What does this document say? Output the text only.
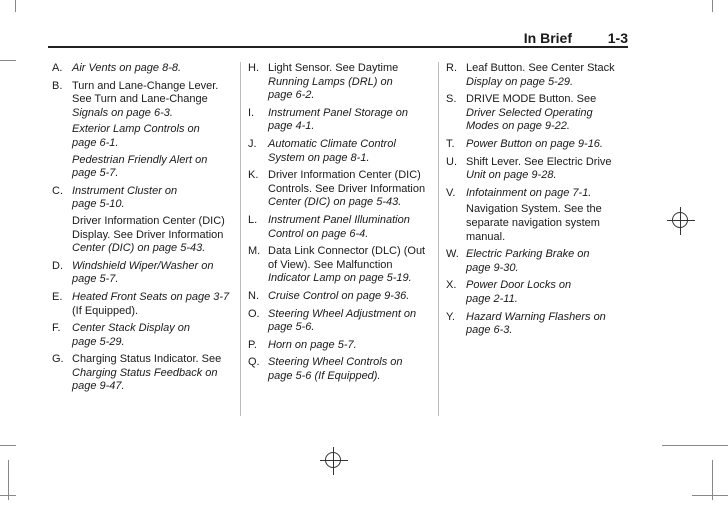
In Brief	1-3
A. Air Vents on page 8-8.
B. Turn and Lane-Change Lever.
See Turn and Lane-Change
Signals on page 6-3.
Exterior Lamp Controls on
page 6-1.
Pedestrian Friendly Alert on
page 5-7.
C. Instrument Cluster on
page 5-10.
Driver Information Center (DIC)
Display. See Driver Information
Center (DIC) on page 5-43.
D. Windshield Wiper/Washer on
page 5-7.
E. Heated Front Seats on page 3-7
(If Equipped).
F. Center Stack Display on
page 5-29.
G. Charging Status Indicator. See
Charging Status Feedback on
page 9-47.
H. Light Sensor. See Daytime
Running Lamps (DRL) on
page 6-2.
I. Instrument Panel Storage on
page 4-1.
J. Automatic Climate Control
System on page 8-1.
K. Driver Information Center (DIC)
Controls. See Driver Information
Center (DIC) on page 5-43.
L. Instrument Panel Illumination
Control on page 6-4.
M. Data Link Connector (DLC) (Out
of View). See Malfunction
Indicator Lamp on page 5-19.
N. Cruise Control on page 9-36.
O. Steering Wheel Adjustment on
page 5-6.
P. Horn on page 5-7.
Q. Steering Wheel Controls on
page 5-6 (If Equipped).
R. Leaf Button. See Center Stack
Display on page 5-29.
S. DRIVE MODE Button. See
Driver Selected Operating
Modes on page 9-22.
T. Power Button on page 9-16.
U. Shift Lever. See Electric Drive
Unit on page 9-28.
V. Infotainment on page 7-1.
Navigation System. See the
separate navigation system
manual.
W. Electric Parking Brake on
page 9-30.
X. Power Door Locks on
page 2-11.
Y. Hazard Warning Flashers on
page 6-3.
